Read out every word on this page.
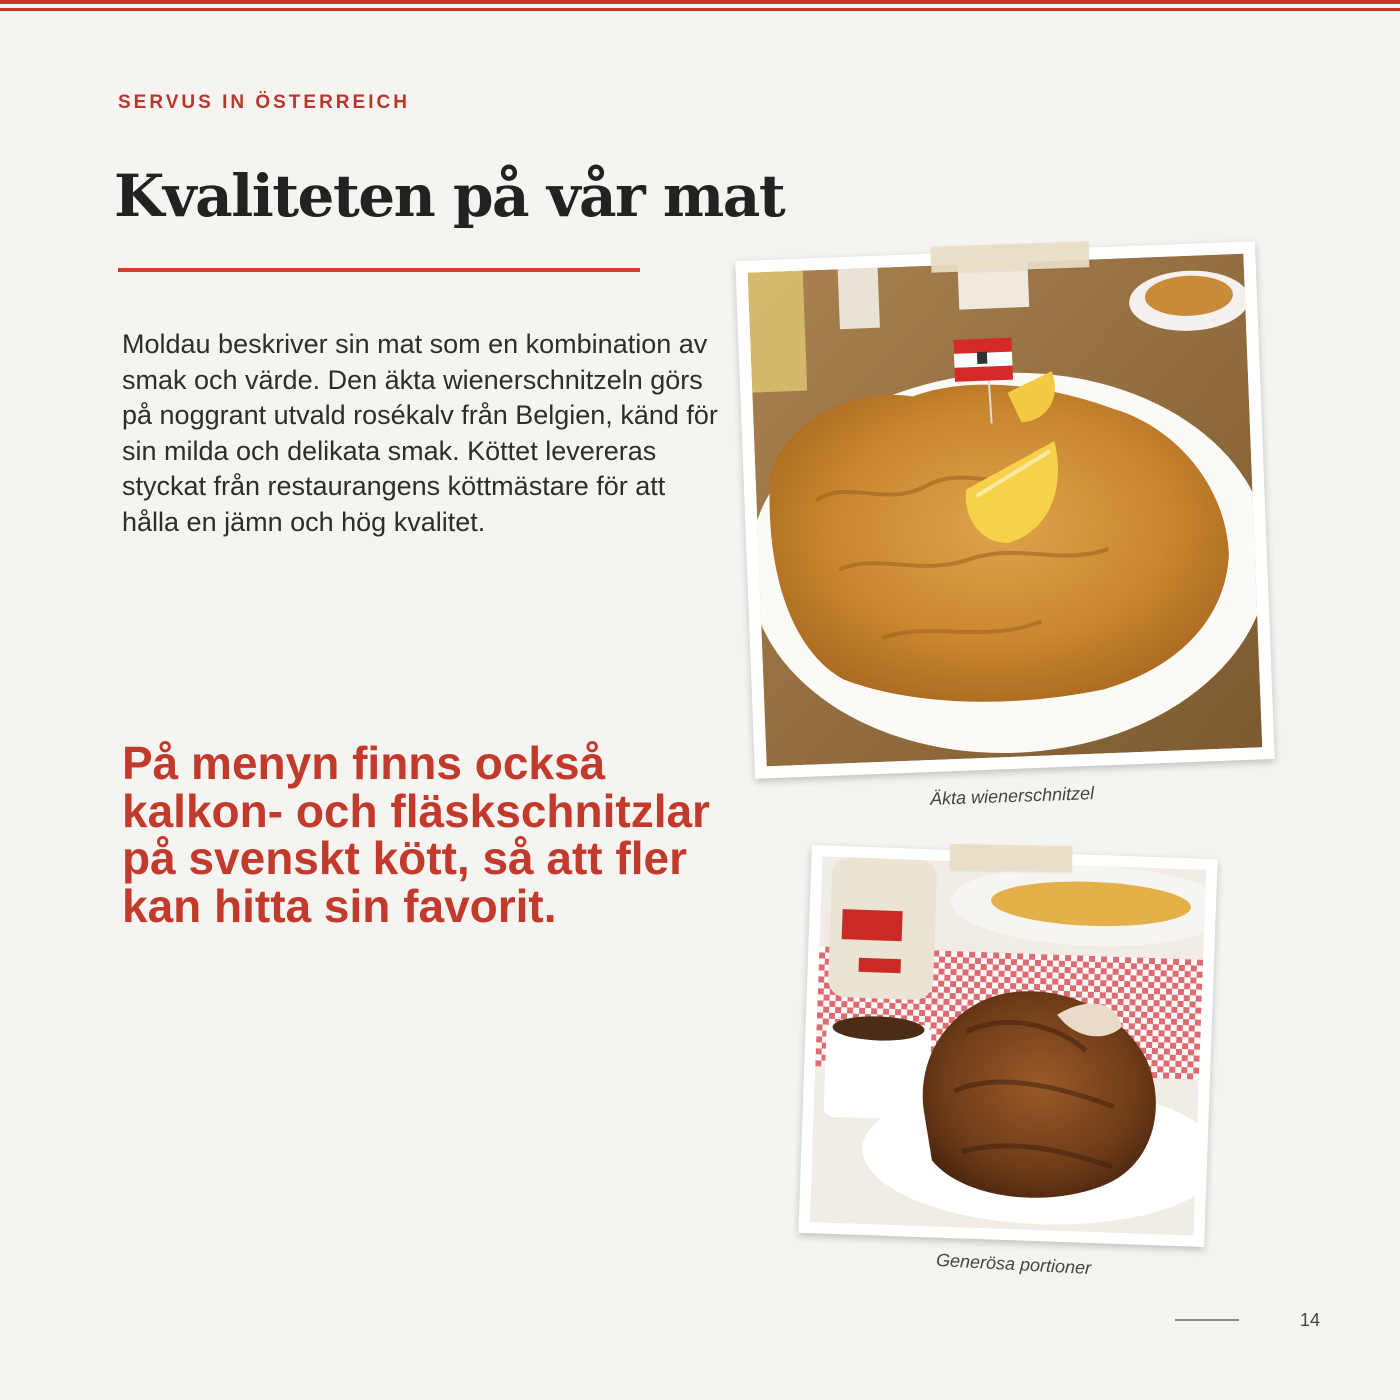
SERVUS IN ÖSTERREICH
Kvaliteten på vår mat

Moldau beskriver sin mat som en kombination av smak och värde. Den äkta wienerschnitzeln görs på noggrant utvald rosékalv från Belgien, känd för sin milda och delikata smak. Köttet levereras styckat från restaurangens köttmästare för att hålla en jämn och hög kvalitet.

På menyn finns också kalkon- och fläskschnitzlar på svenskt kött, så att fler kan hitta sin favorit.

Äkta wienerschnitzel
Generösa portioner
14
